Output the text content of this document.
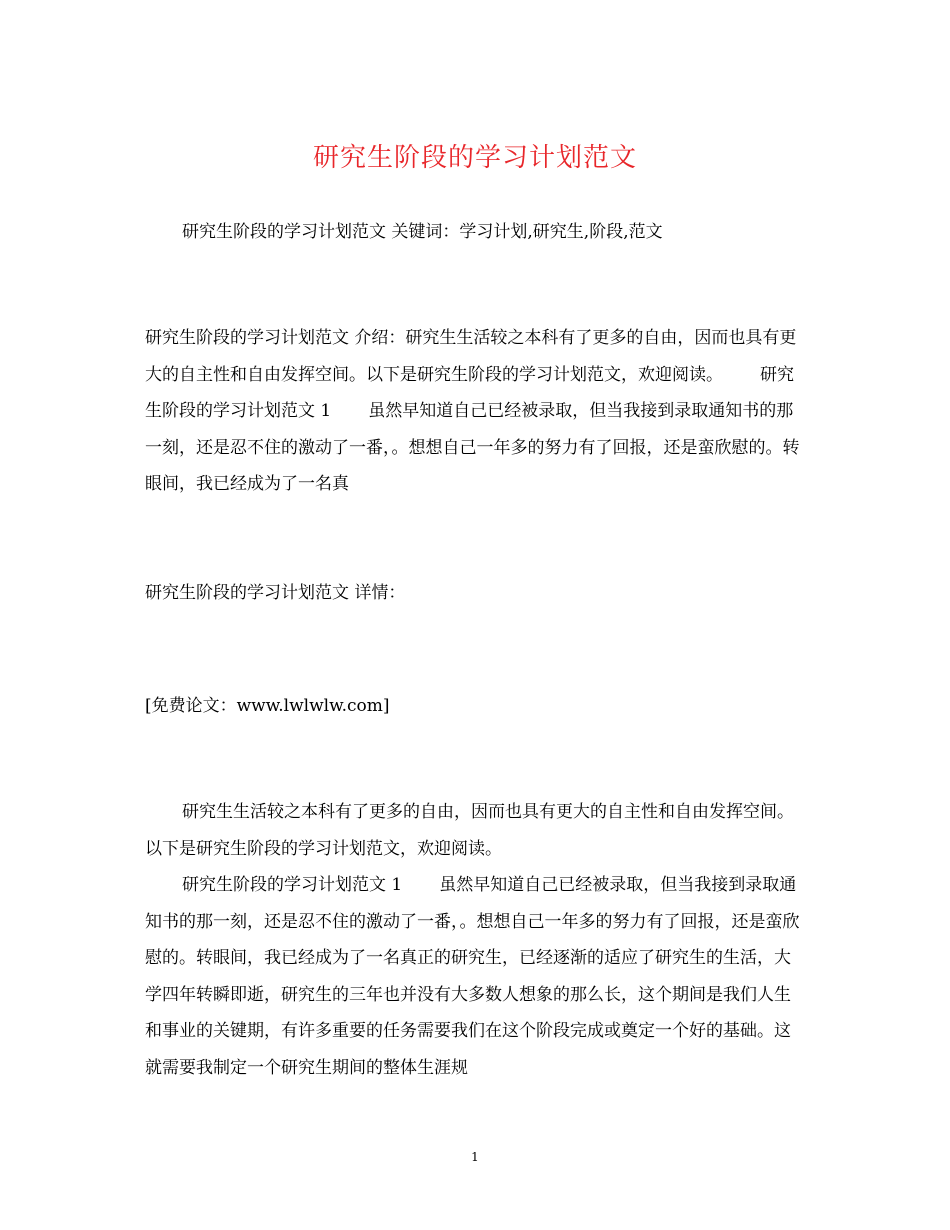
研究生阶段的学习计划范文

研究生阶段的学习计划范文 关键词：学习计划,研究生,阶段,范文

研究生阶段的学习计划范文 介绍：研究生生活较之本科有了更多的自由，因而也具有更大的自主性和自由发挥空间。以下是研究生阶段的学习计划范文，欢迎阅读。 研究生阶段的学习计划范文 1 虽然早知道自己已经被录取，但当我接到录取通知书的那一刻，还是忍不住的激动了一番，。想想自己一年多的努力有了回报，还是蛮欣慰的。转眼间，我已经成为了一名真

研究生阶段的学习计划范文 详情：

[免费论文：www.lwlwlw.com]

研究生生活较之本科有了更多的自由，因而也具有更大的自主性和自由发挥空间。以下是研究生阶段的学习计划范文，欢迎阅读。

研究生阶段的学习计划范文 1 虽然早知道自己已经被录取，但当我接到录取通知书的那一刻，还是忍不住的激动了一番，。想想自己一年多的努力有了回报，还是蛮欣慰的。转眼间，我已经成为了一名真正的研究生，已经逐渐的适应了研究生的生活，大学四年转瞬即逝，研究生的三年也并没有大多数人想象的那么长，这个期间是我们人生和事业的关键期，有许多重要的任务需要我们在这个阶段完成或奠定一个好的基础。这就需要我制定一个研究生期间的整体生涯规

1
